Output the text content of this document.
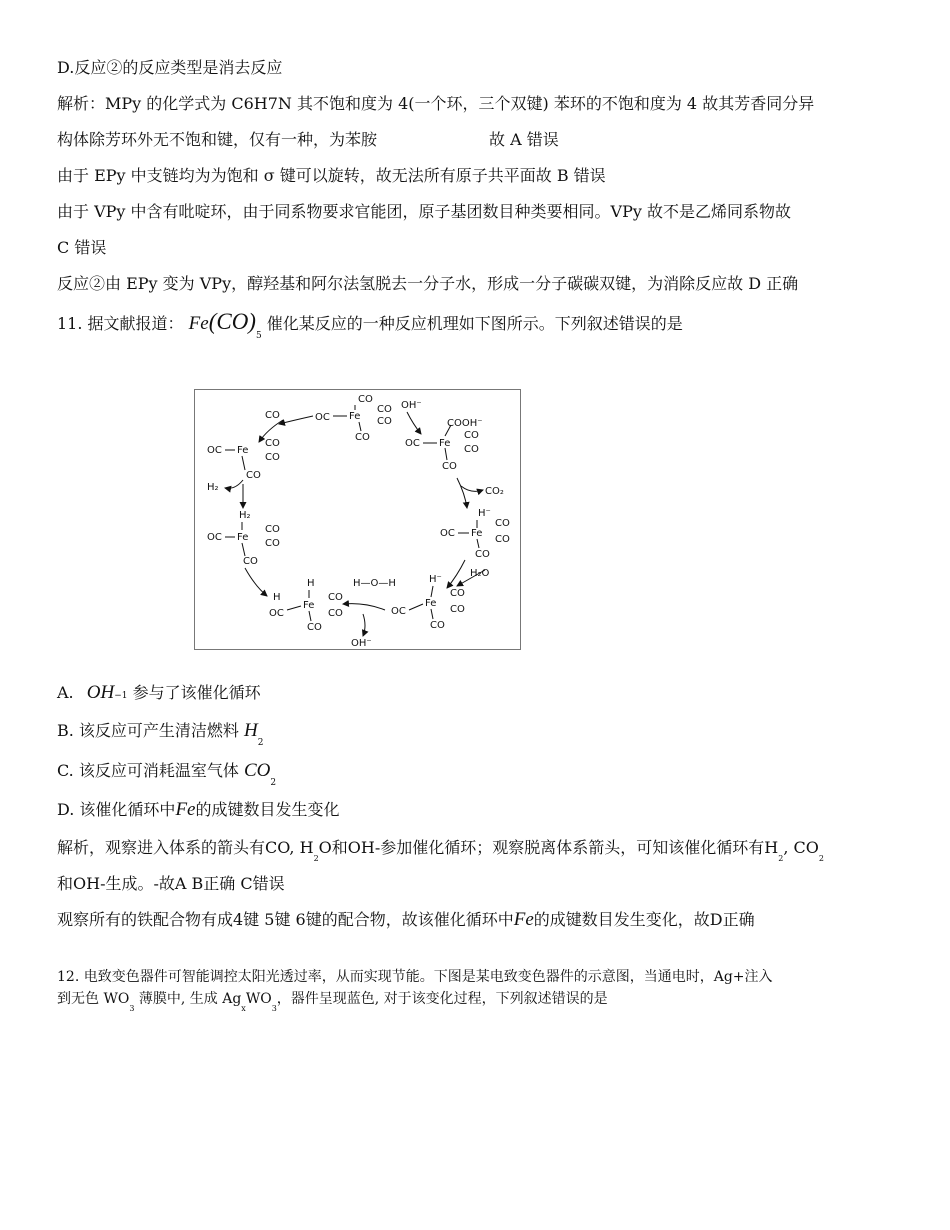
D.反应②的反应类型是消去反应
解析：MPy 的化学式为 C6H7N 其不饱和度为 4(一个环，三个双键) 苯环的不饱和度为 4 故其芳香同分异
构体除芳环外无不饱和键，仅有一种，为苯胺	故 A 错误
由于 EPy 中支链均为为饱和 σ 键可以旋转，故无法所有原子共平面故 B 错误
由于 VPy 中含有吡啶环，由于同系物要求官能团，原子基团数目种类要相同。VPy 故不是乙烯同系物故
C 错误
反应②由 EPy 变为 VPy，醇羟基和阿尔法氢脱去一分子水，形成一分子碳碳双键，为消除反应故 D 正确
11. 据文献报道： $Fe(CO)_5$ 催化某反应的一种反应机理如下图所示。下列叙述错误的是
CO
CO	OC Fe
CO
CO
CO
OH⁻
COOH⁻
OC Fe
CO
CO
CO
OC Fe
CO
CO
CO
H₂	CO₂
H⁻
OC Fe
CO
CO
CO
H₂
OC Fe
CO
CO
CO
H
H
OC
Fe
CO
CO
CO
H—O—H
OH⁻
H⁻
H₂O
OC
Fe
CO
CO
CO
A. OH−1 参与了该催化循环
B. 该反应可产生清洁燃料 $H_2$
C. 该反应可消耗温室气体 $CO_2$
D. 该催化循环中Fe的成键数目发生变化
解析，观察进入体系的箭头有CO, $H_2O$和OH-参加催化循环；观察脱离体系箭头，可知该催化循环有$H_2$, $CO_2$
和OH-生成。-故A B正确 C错误
观察所有的铁配合物有成4键 5键 6键的配合物，故该催化循环中Fe的成键数目发生变化，故D正确
12. 电致变色器件可智能调控太阳光透过率，从而实现节能。下图是某电致变色器件的示意图，当通电时，Ag+注入
到无色 $WO_3$ 薄膜中, 生成 $Ag_xWO_3$，器件呈现蓝色, 对于该变化过程，下列叙述错误的是
